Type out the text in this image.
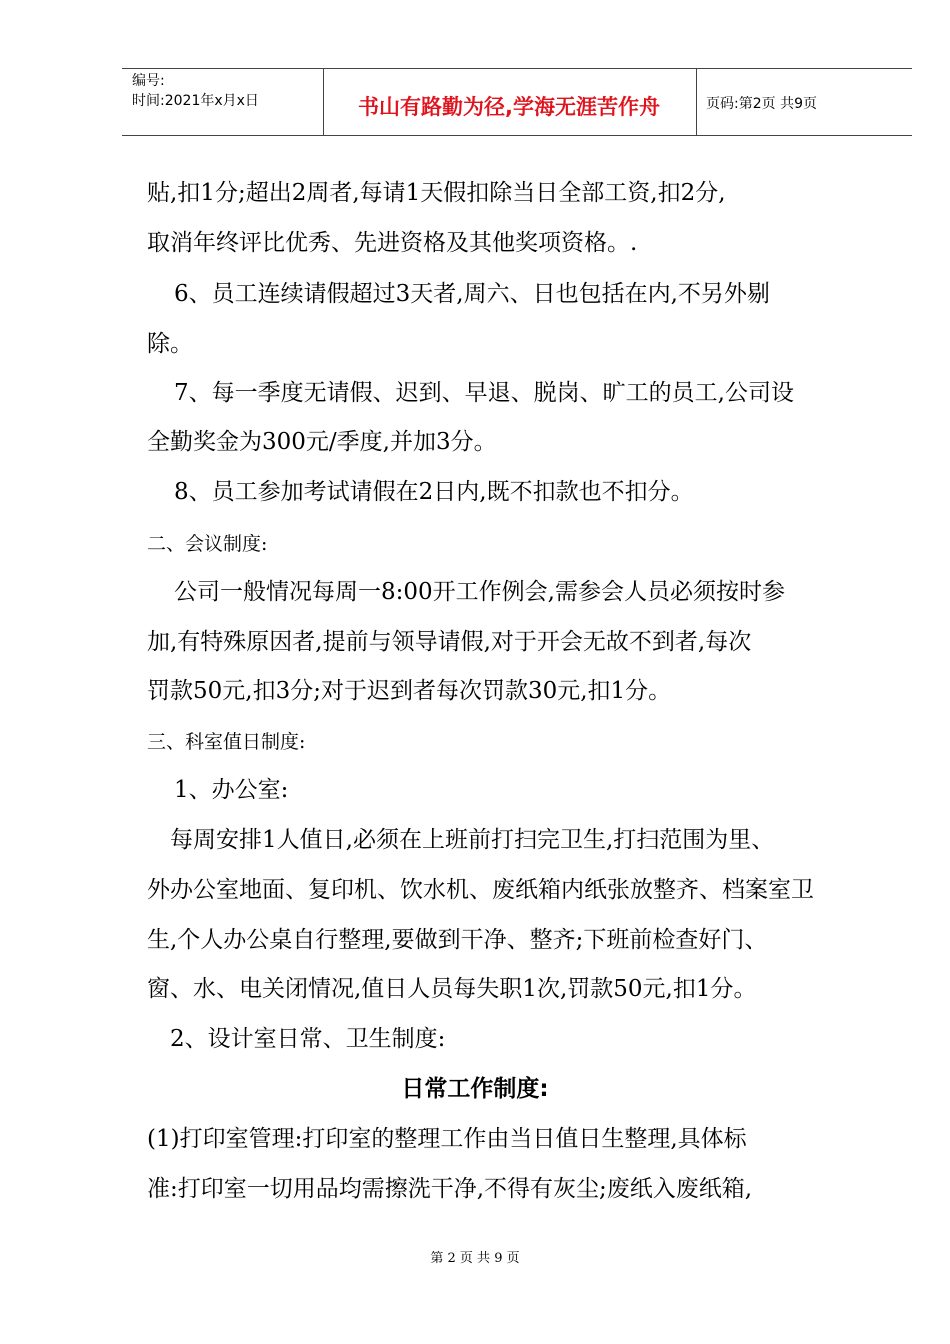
编号:
时间:2021年x月x日	书山有路勤为径,学海无涯苦作舟	页码:第2页 共9页
贴,扣1分;超出2周者,每请1天假扣除当日全部工资,扣2分,
取消年终评比优秀、先进资格及其他奖项资格。.
6、员工连续请假超过3天者,周六、日也包括在内,不另外剔
除。
7、每一季度无请假、迟到、早退、脱岗、旷工的员工,公司设
全勤奖金为300元/季度,并加3分。
8、员工参加考试请假在2日内,既不扣款也不扣分。
二、会议制度:
公司一般情况每周一8:00开工作例会,需参会人员必须按时参
加,有特殊原因者,提前与领导请假,对于开会无故不到者,每次
罚款50元,扣3分;对于迟到者每次罚款30元,扣1分。
三、科室值日制度:
1、办公室:
每周安排1人值日,必须在上班前打扫完卫生,打扫范围为里、
外办公室地面、复印机、饮水机、废纸箱内纸张放整齐、档案室卫
生,个人办公桌自行整理,要做到干净、整齐;下班前检查好门、
窗、水、电关闭情况,值日人员每失职1次,罚款50元,扣1分。
2、设计室日常、卫生制度:
日常工作制度:
(1)打印室管理:打印室的整理工作由当日值日生整理,具体标
准:打印室一切用品均需擦洗干净,不得有灰尘;废纸入废纸箱,
第 2 页 共 9 页
